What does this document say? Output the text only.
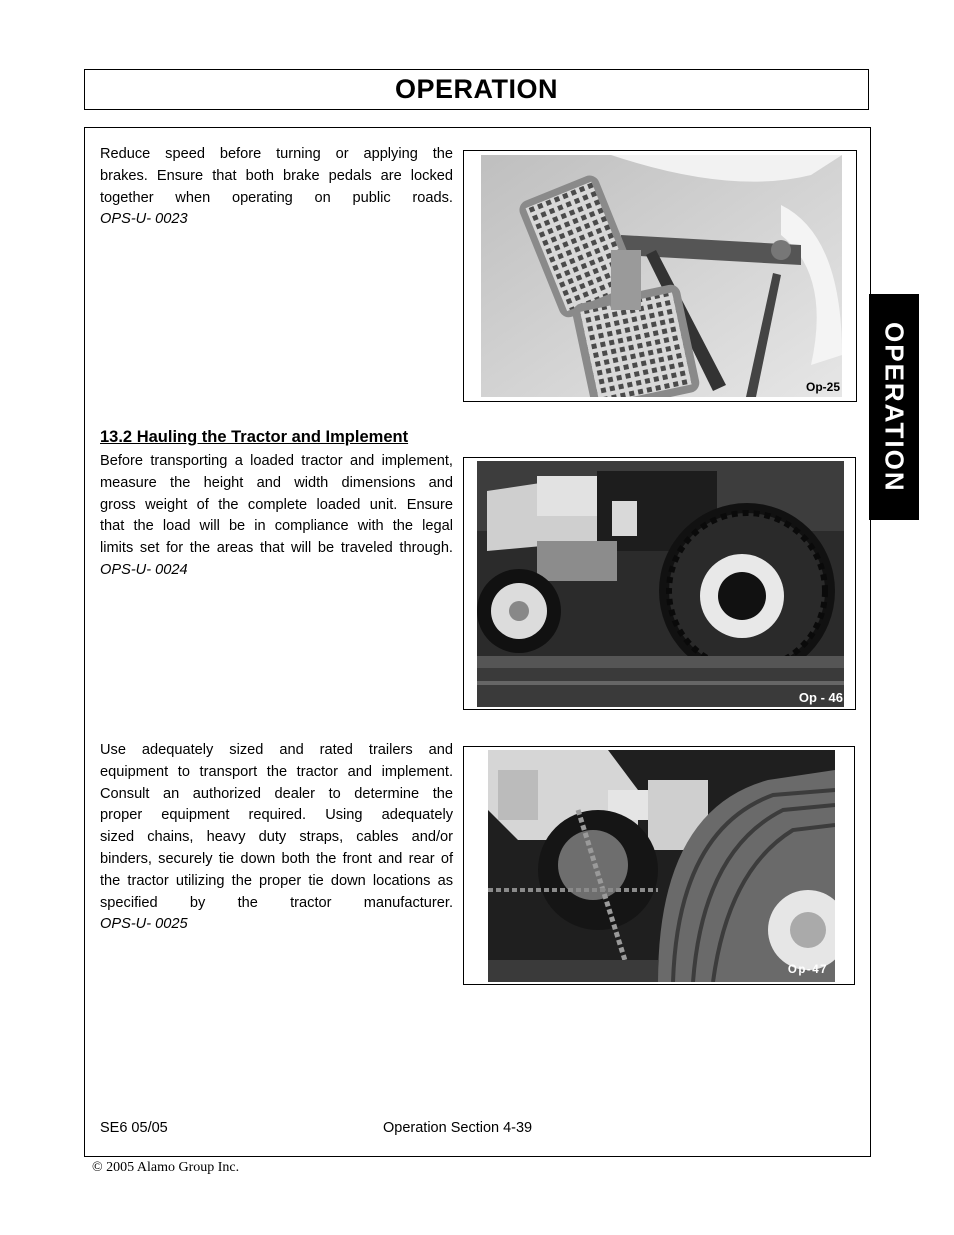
OPERATION
OPERATION
Reduce speed before turning or applying the
brakes. Ensure that both brake pedals are locked
together when operating on public roads.
OPS-U- 0023
Op-25
13.2 Hauling the Tractor and Implement
Before transporting a loaded tractor and implement,
measure the height and width dimensions and
gross weight of the complete loaded unit. Ensure
that the load will be in compliance with the legal
limits set for the areas that will be traveled through.
OPS-U- 0024
Op - 46
Use adequately sized and rated trailers and
equipment to transport the tractor and implement.
Consult an authorized dealer to determine the
proper equipment required. Using adequately
sized chains, heavy duty straps, cables and/or
binders, securely tie down both the front and rear of
the tractor utilizing the proper tie down locations as
specified by the tractor manufacturer.
OPS-U- 0025
Op-47
SE6 05/05	Operation Section 4-39
© 2005 Alamo Group Inc.
